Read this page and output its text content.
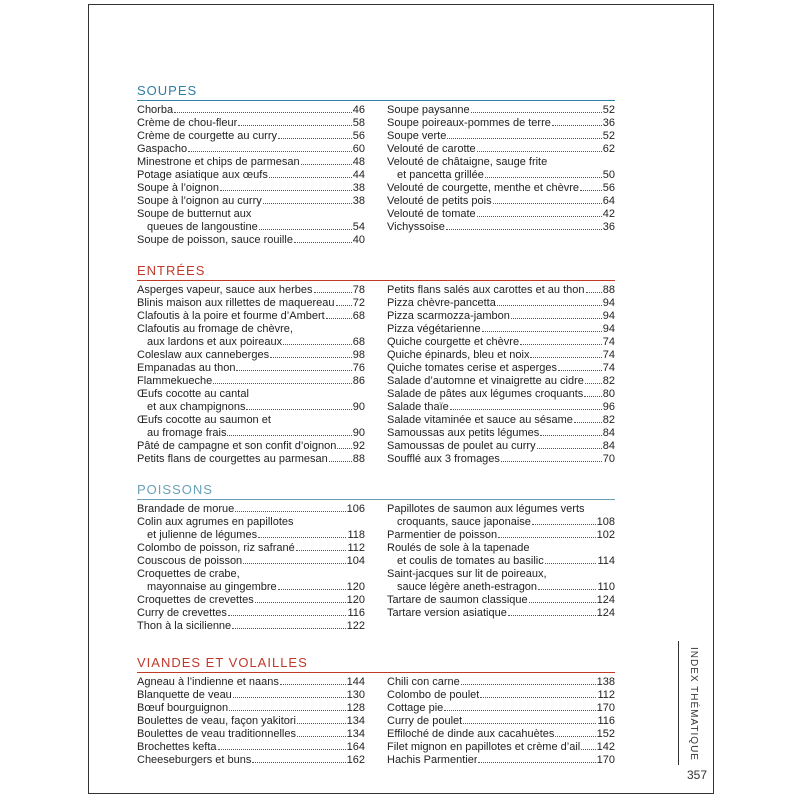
SOUPES
Chorba	46
Crème de chou-fleur	58
Crème de courgette au curry	56
Gaspacho	60
Minestrone et chips de parmesan	48
Potage asiatique aux œufs	44
Soupe à l’oignon	38
Soupe à l’oignon au curry	38
Soupe de butternut aux
queues de langoustine	54
Soupe de poisson, sauce rouille	40
Soupe paysanne	52
Soupe poireaux-pommes de terre	36
Soupe verte	52
Velouté de carotte	62
Velouté de châtaigne, sauge frite
et pancetta grillée	50
Velouté de courgette, menthe et chèvre 56
Velouté de petits pois	64
Velouté de tomate	42
Vichyssoise	36
ENTRÉES
Asperges vapeur, sauce aux herbes	78
Blinis maison aux rillettes de maquereau 72
Clafoutis à la poire et fourme d’Ambert	68
Clafoutis au fromage de chèvre,
aux lardons et aux poireaux	68
Coleslaw aux canneberges	98
Empanadas au thon	76
Flammekueche	86
Œufs cocotte au cantal
et aux champignons	90
Œufs cocotte au saumon et
au fromage frais	90
Pâté de campagne et son confit d’oignon 92
Petits flans de courgettes au parmesan 88
Petits flans salés aux carottes et au thon 88
Pizza chèvre-pancetta	94
Pizza scarmozza-jambon	94
Pizza végétarienne	94
Quiche courgette et chèvre	74
Quiche épinards, bleu et noix	74
Quiche tomates cerise et asperges	74
Salade d’automne et vinaigrette au cidre 82
Salade de pâtes aux légumes croquants 80
Salade thaïe	96
Salade vitaminée et sauce au sésame	82
Samoussas aux petits légumes	84
Samoussas de poulet au curry	84
Soufflé aux 3 fromages	70
POISSONS
Brandade de morue	106
Colin aux agrumes en papillotes
et julienne de légumes	118
Colombo de poisson, riz safrané	112
Couscous de poisson	104
Croquettes de crabe,
mayonnaise au gingembre	120
Croquettes de crevettes	120
Curry de crevettes	116
Thon à la sicilienne	122
Papillotes de saumon aux légumes verts
croquants, sauce japonaise	108
Parmentier de poisson	102
Roulés de sole à la tapenade
et coulis de tomates au basilic	114
Saint-jacques sur lit de poireaux,
sauce légère aneth-estragon	110
Tartare de saumon classique	124
Tartare version asiatique	124
VIANDES ET VOLAILLES
Agneau à l’indienne et naans	144
Blanquette de veau	130
Bœuf bourguignon	128
Boulettes de veau, façon yakitori	134
Boulettes de veau traditionnelles	134
Brochettes kefta	164
Cheeseburgers et buns	162
Chili con carne	138
Colombo de poulet	112
Cottage pie	170
Curry de poulet	116
Effiloché de dinde aux cacahuètes	152
Filet mignon en papillotes et crème d’ail 142
Hachis Parmentier	170	INDEX THÉMATIQUE
357
